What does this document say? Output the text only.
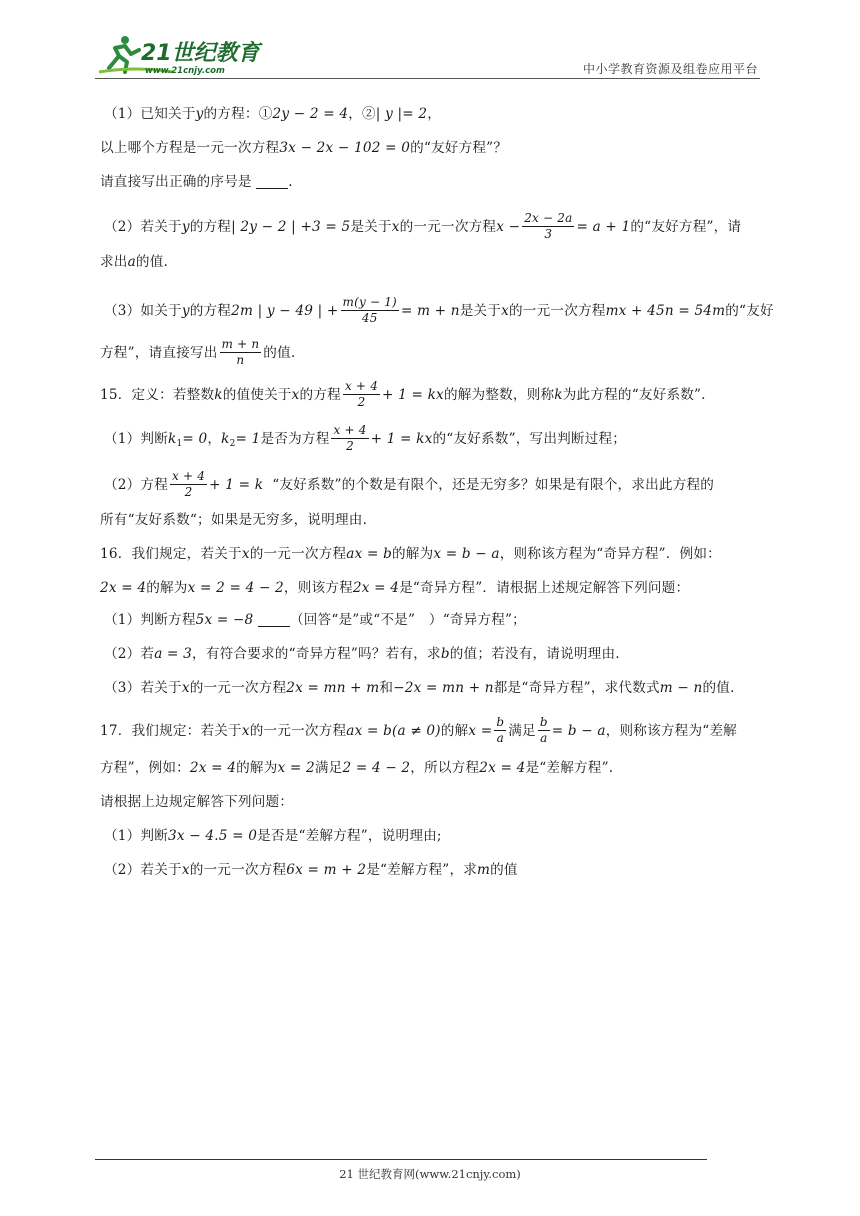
21世纪教育
www.21cnjy.com	中小学教育资源及组卷应用平台
（1）已知关于y的方程：①2y − 2 = 4，②| y |= 2，
以上哪个方程是一元一次方程3x − 2x − 102 = 0的“友好方程”？
请直接写出正确的序号是	.
（2）若关于y的方程| 2y − 2 | +3 = 5是关于x的一元一次方程$x - \frac{2x - 2a}{3} = a + 1$的“友好方程”，请
求出a的值.
（3）如关于y的方程2m | y − 49 | + $\frac{m(y - 1)}{45} = m + n$是关于x的一元一次方程mx + 45n = 54m的“友好
方程”，请直接写出 $\frac{m + n}{n}$ 的值.
15．定义：若整数k的值使关于x的方程 $\frac{x + 4}{2} + 1$ = kx的解为整数，则称k为此方程的“友好系数”.
（1）判断$k_1= 0$，$k_2= 1$是否为方程 $\frac{x + 4}{2} + 1$ = kx的“友好系数”，写出判断过程；
（2）方程 $\frac{x + 4}{2} + 1 = k$ “友好系数”的个数是有限个，还是无穷多？如果是有限个，求出此方程的
所有“友好系数“；如果是无穷多，说明理由.
16．我们规定，若关于x的一元一次方程ax = b的解为x = b − a，则称该方程为“奇异方程”．例如：
2x = 4的解为x = 2 = 4 − 2，则该方程2x = 4是“奇异方程”．请根据上述规定解答下列问题：
（1）判断方程5x = −8	（回答“是”或“不是”　）“奇异方程”；
（2）若a = 3，有符合要求的“奇异方程”吗？若有，求b的值；若没有，请说明理由.
（3）若关于x的一元一次方程2x = mn + m和−2x = mn + n都是“奇异方程”，求代数式m − n的值.
17．我们规定：若关于x的一元一次方程ax = b(a ≠ 0)的解$x = \frac{b}{a}$ 满足 $\frac{b}{a} = b - a$，则称该方程为“差解
方程”，例如：2x = 4的解为x = 2满足2 = 4 − 2，所以方程2x = 4是“差解方程”.
请根据上边规定解答下列问题：
（1）判断3x − 4.5 = 0是否是“差解方程”，说明理由;
（2）若关于x的一元一次方程6x = m + 2是“差解方程”，求m的值
21 世纪教育网(www.21cnjy.com)
